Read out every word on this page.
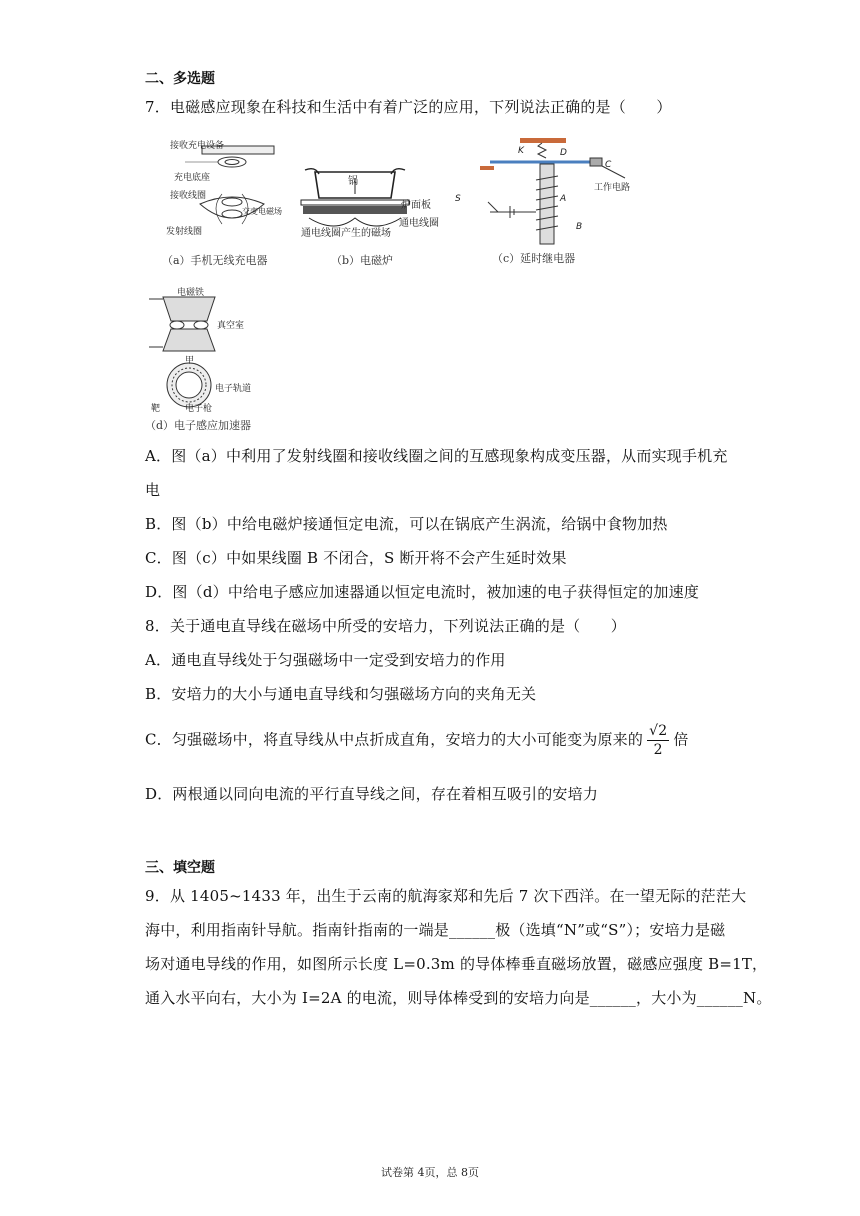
二、多选题
7．电磁感应现象在科技和生活中有着广泛的应用，下列说法正确的是（　　）
接收充电设备
充电底座
接收线圈
交变电磁场
发射线圈
（a）手机无线充电器
锅
炉面板
通电线圈
通电线圈产生的磁场
（b）电磁炉
K	D
C
工作电路
S	A
B
（c）延时继电器
电磁铁
真空室
甲
电子轨道
靶	电子枪
（d）电子感应加速器
A．图（a）中利用了发射线圈和接收线圈之间的互感现象构成变压器，从而实现手机充
电
B．图（b）中给电磁炉接通恒定电流，可以在锅底产生涡流，给锅中食物加热
C．图（c）中如果线圈 B 不闭合，S 断开将不会产生延时效果
D．图（d）中给电子感应加速器通以恒定电流时，被加速的电子获得恒定的加速度
8．关于通电直导线在磁场中所受的安培力，下列说法正确的是（　　）
A．通电直导线处于匀强磁场中一定受到安培力的作用
B．安培力的大小与通电直导线和匀强磁场方向的夹角无关
C．匀强磁场中，将直导线从中点折成直角，安培力的大小可能变为原来的 $\frac{√2}{2}$ 倍
D．两根通以同向电流的平行直导线之间，存在着相互吸引的安培力
三、填空题
9．从 1405~1433 年，出生于云南的航海家郑和先后 7 次下西洋。在一望无际的茫茫大
海中，利用指南针导航。指南针指南的一端是______极（选填“N”或“S”）；安培力是磁
场对通电导线的作用，如图所示长度 L=0.3m 的导体棒垂直磁场放置，磁感应强度 B=1T，
通入水平向右，大小为 I=2A 的电流，则导体棒受到的安培力向是______，大小为______N。
试卷第 4页，总 8页
